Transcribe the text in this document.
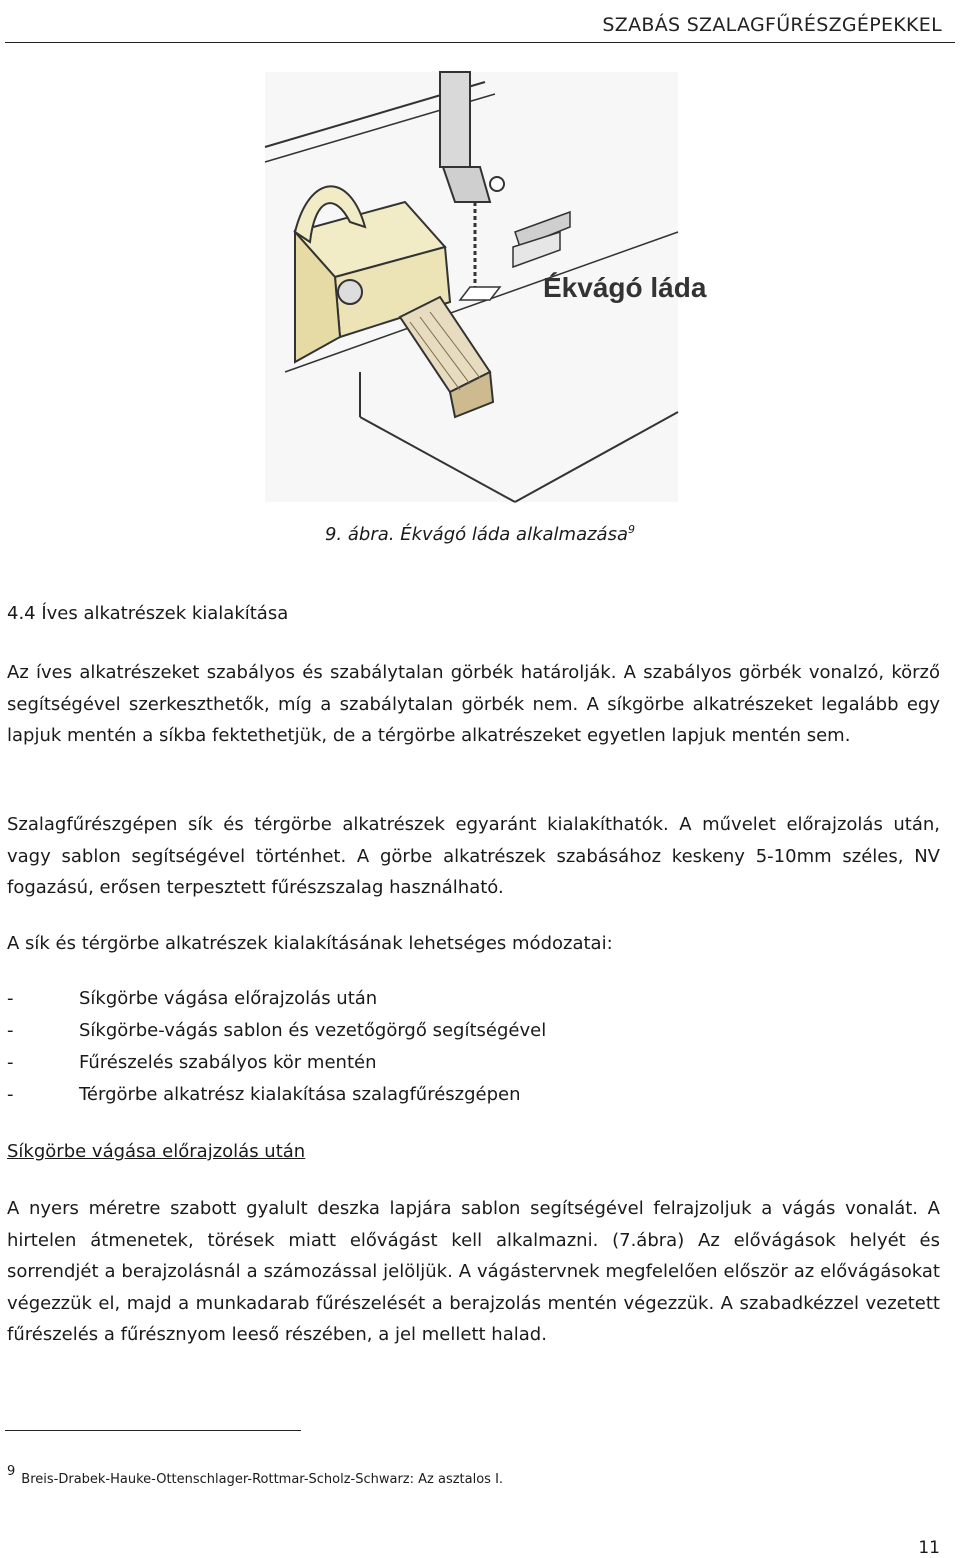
SZABÁS SZALAGFŰRÉSZGÉPEKKEL
Ékvágó láda
9. ábra. Ékvágó láda alkalmazása$^9$
4.4 Íves alkatrészek kialakítása

Az íves alkatrészeket szabályos és szabálytalan görbék határolják. A szabályos görbék vonalzó, körző segítségével szerkeszthetők, míg a szabálytalan görbék nem. A síkgörbe alkatrészeket legalább egy lapjuk mentén a síkba fektethetjük, de a térgörbe alkatrészeket egyetlen lapjuk mentén sem.

Szalagfűrészgépen sík és térgörbe alkatrészek egyaránt kialakíthatók. A művelet előrajzolás után, vagy sablon segítségével történhet. A görbe alkatrészek szabásához keskeny 5-10mm széles, NV fogazású, erősen terpesztett fűrészszalag használható.

A sík és térgörbe alkatrészek kialakításának lehetséges módozatai:

-	Síkgörbe vágása előrajzolás után
-	Síkgörbe-vágás sablon és vezetőgörgő segítségével
-	Fűrészelés szabályos kör mentén
-	Térgörbe alkatrész kialakítása szalagfűrészgépen
Síkgörbe vágása előrajzolás után

A nyers méretre szabott gyalult deszka lapjára sablon segítségével felrajzoljuk a vágás vonalát. A hirtelen átmenetek, törések miatt elővágást kell alkalmazni. (7.ábra) Az elővágások helyét és sorrendjét a berajzolásnál a számozással jelöljük. A vágástervnek megfelelően először az elővágásokat végezzük el, majd a munkadarab fűrészelését a berajzolás mentén végezzük. A szabadkézzel vezetett fűrészelés a fűrésznyom leeső részében, a jel mellett halad.

9Breis-Drabek-Hauke-Ottenschlager-Rottmar-Scholz-Schwarz: Az asztalos I.
11
